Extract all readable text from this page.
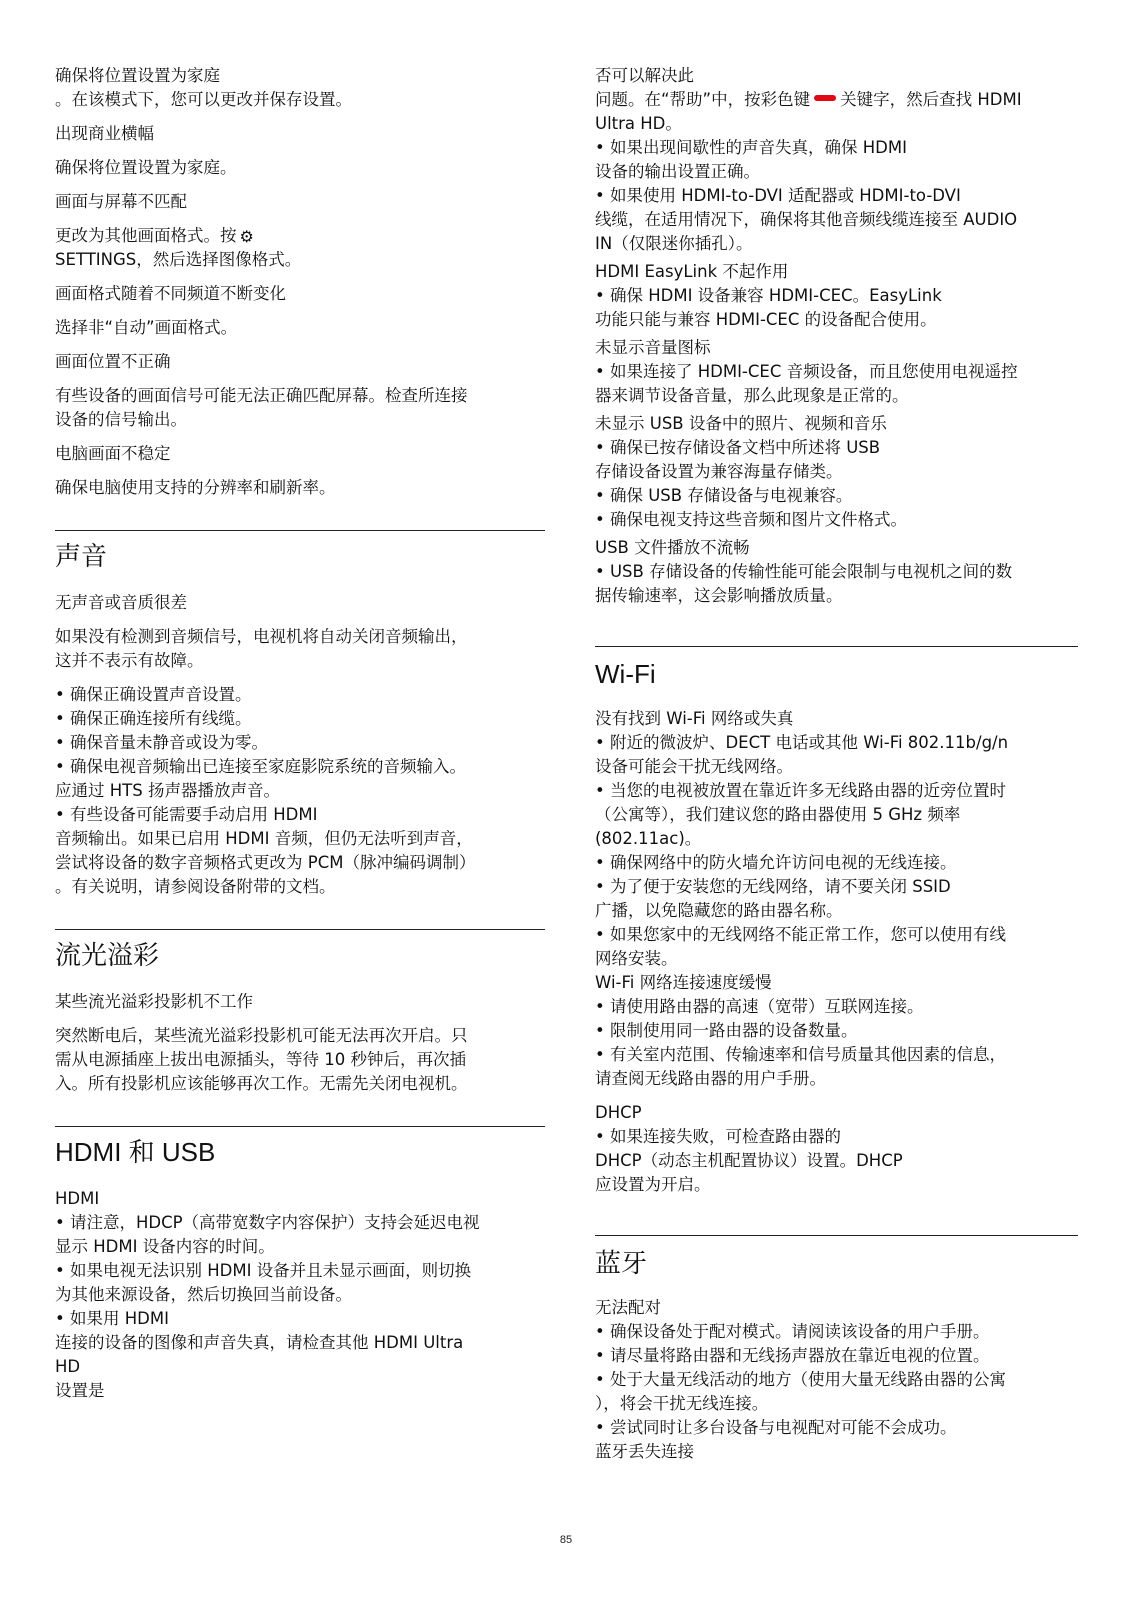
确保将位置设置为家庭

。在该模式下，您可以更改并保存设置。

出现商业横幅

确保将位置设置为家庭。

画面与屏幕不匹配

更改为其他画面格式。按 ⚙

SETTINGS，然后选择图像格式。

画面格式随着不同频道不断变化

选择非“自动”画面格式。

画面位置不正确

有些设备的画面信号可能无法正确匹配屏幕。检查所连接

设备的信号输出。

电脑画面不稳定

确保电脑使用支持的分辨率和刷新率。

声音

无声音或音质很差

如果没有检测到音频信号，电视机将自动关闭音频输出，

这并不表示有故障。

• 确保正确设置声音设置。

• 确保正确连接所有线缆。

• 确保音量未静音或设为零。

• 确保电视音频输出已连接至家庭影院系统的音频输入。

应通过 HTS 扬声器播放声音。

• 有些设备可能需要手动启用 HDMI

音频输出。如果已启用 HDMI 音频，但仍无法听到声音，

尝试将设备的数字音频格式更改为 PCM（脉冲编码调制）

。有关说明，请参阅设备附带的文档。

流光溢彩

某些流光溢彩投影机不工作

突然断电后，某些流光溢彩投影机可能无法再次开启。只

需从电源插座上拔出电源插头，等待 10 秒钟后，再次插

入。所有投影机应该能够再次工作。无需先关闭电视机。

HDMI 和 USB

HDMI

• 请注意，HDCP（高带宽数字内容保护）支持会延迟电视

显示 HDMI 设备内容的时间。

• 如果电视无法识别 HDMI 设备并且未显示画面，则切换

为其他来源设备，然后切换回当前设备。

• 如果用 HDMI

连接的设备的图像和声音失真，请检查其他 HDMI Ultra

HD

设置是

否可以解决此

问题。在“帮助”中，按彩色键 关键字，然后查找 HDMI

Ultra HD。

• 如果出现间歇性的声音失真，确保 HDMI

设备的输出设置正确。

• 如果使用 HDMI-to-DVI 适配器或 HDMI-to-DVI

线缆，在适用情况下，确保将其他音频线缆连接至 AUDIO

IN（仅限迷你插孔）。

HDMI EasyLink 不起作用

• 确保 HDMI 设备兼容 HDMI-CEC。EasyLink

功能只能与兼容 HDMI-CEC 的设备配合使用。

未显示音量图标

• 如果连接了 HDMI-CEC 音频设备，而且您使用电视遥控

器来调节设备音量，那么此现象是正常的。

未显示 USB 设备中的照片、视频和音乐

• 确保已按存储设备文档中所述将 USB

存储设备设置为兼容海量存储类。

• 确保 USB 存储设备与电视兼容。

• 确保电视支持这些音频和图片文件格式。

USB 文件播放不流畅

• USB 存储设备的传输性能可能会限制与电视机之间的数

据传输速率，这会影响播放质量。

Wi-Fi

没有找到 Wi-Fi 网络或失真

• 附近的微波炉、DECT 电话或其他 Wi-Fi 802.11b/g/n

设备可能会干扰无线网络。

• 当您的电视被放置在靠近许多无线路由器的近旁位置时

（公寓等），我们建议您的路由器使用 5 GHz 频率

(802.11ac)。

• 确保网络中的防火墙允许访问电视的无线连接。

• 为了便于安装您的无线网络，请不要关闭 SSID

广播，以免隐藏您的路由器名称。

• 如果您家中的无线网络不能正常工作，您可以使用有线

网络安装。

Wi-Fi 网络连接速度缓慢

• 请使用路由器的高速（宽带）互联网连接。

• 限制使用同一路由器的设备数量。

• 有关室内范围、传输速率和信号质量其他因素的信息，

请查阅无线路由器的用户手册。

DHCP

• 如果连接失败，可检查路由器的

DHCP（动态主机配置协议）设置。DHCP

应设置为开启。

蓝牙

无法配对

• 确保设备处于配对模式。请阅读该设备的用户手册。

• 请尽量将路由器和无线扬声器放在靠近电视的位置。

• 处于大量无线活动的地方（使用大量无线路由器的公寓

），将会干扰无线连接。

• 尝试同时让多台设备与电视配对可能不会成功。

蓝牙丢失连接

85
